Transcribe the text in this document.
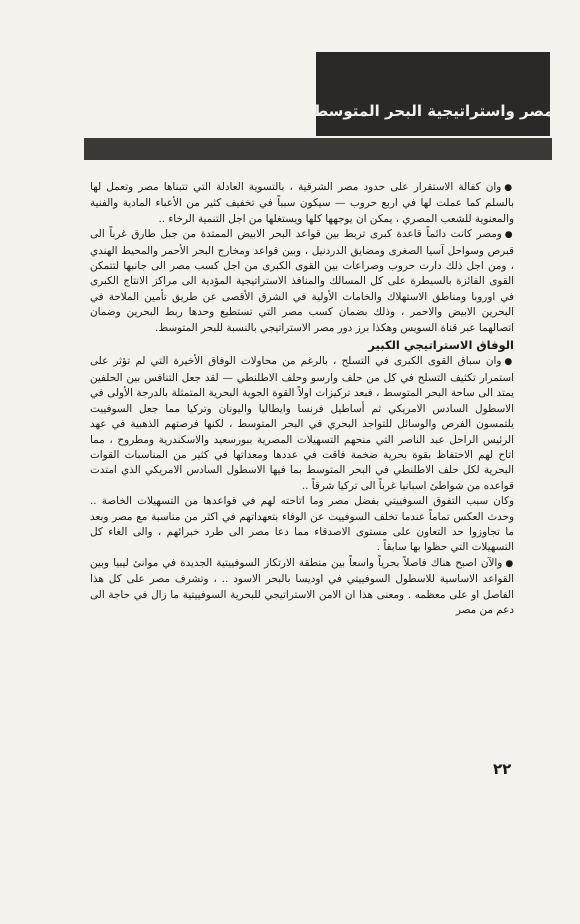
مصر واستراتيجية البحر المتوسط

●وان كفالة الاستقرار على حدود مصر الشرقية ، بالتسوية العادلة التي تتبناها مصر وتعمل لها بالسلم كما عملت لها في اربع حروب — سيكون سبباً في تخفيف كثير من الأعباء المادية والفنية والمعنوية للشعب المصري ، يمكن ان يوجهها كلها ويستغلها من اجل التنمية الرخاء ..

●ومصر كانت دائماً قاعدة كبرى تربط بين قواعد البحر الابيض الممتدة من جبل طارق غرباً الى قبرص وسواحل آسيا الصغرى ومضايق الدردنيل ، وبين قواعد ومخارج البحر الأحمر والمحيط الهندي ، ومن اجل ذلك دارت حروب وصراعات بين القوى الكبرى من اجل كسب مصر الى جانبها لتتمكن القوى الفائزة بالسيطرة على كل المسالك والمنافذ الاستراتيجية المؤدية الى مراكز الانتاج الكبرى في اوروبا ومناطق الاستهلاك والخامات الأولية في الشرق الأقصى عن طريق تأمين الملاحة في البحرين الابيض والاحمر ، وذلك بضمان كسب مصر التي تستطيع وحدها ربط البحرين وضمان اتصالهما عبر قناة السويس وهكذا برز دور مصر الاستراتيجي بالنسبة للبحر المتوسط.

الوفاق الاستراتيجي الكبير

●وان سباق القوى الكبرى في التسلح ، بالرغم من محاولات الوفاق الأخيرة التي لم تؤثر على استمرار تكثيف التسلح في كل من حلف وارسو وحلف الاطلنطي — لقد جعل التنافس بين الحلفين يمتد الى ساحة البحر المتوسط ، فبعد تركيزات اولاً القوة الجوية البحرية المتمثلة بالدرجة الأولى في الاسطول السادس الامريكي ثم أساطيل فرنسا وايطاليا واليونان وتركيا مما جعل السوفييت يلتمسون الفرص والوسائل للتواجد البحري في البحر المتوسط ، لكنها فرصتهم الذهبية في عهد الرئيس الراحل عبد الناصر التي منحهم التسهيلات المصرية ببورسعيد والاسكندرية ومطروح ، مما اتاح لهم الاحتفاظ بقوة بحرية ضخمة فاقت في عددها ومعداتها في كثير من المناسبات القوات البحرية لكل حلف الاطلنطي في البحر المتوسط بما فيها الاسطول السادس الامريكي الذي امتدت قواعده من شواطئ اسبانيا غرباً الى تركيا شرقاً ..

وكان سبب التفوق السوفييتي بفضل مصر وما اتاحته لهم في قواعدها من التسهيلات الخاصة .. وحدث العكس تماماً عندما تخلف السوفييت عن الوفاء بتعهداتهم في اكثر من مناسبة مع مصر وبعد ما تجاوزوا حد التعاون على مستوى الاصدقاء مما دعا مصر الى طرد خبرائهم ، والى الغاء كل التسهيلات التي حظوا بها سابقاً .

●والآن اصبح هناك فاصلاً بحرياً واسعاً بين منطقة الارتكاز السوفييتية الجديدة في موانئ ليبيا وبين القواعد الاساسية للاسطول السوفييتي في اوديسا بالبحر الاسود .. ، وتشرف مصر على كل هذا الفاصل او على معظمه . ومعنى هذا ان الامن الاستراتيجي للبحرية السوفييتية ما زال في حاجة الى دعم من مصر

٢٢
